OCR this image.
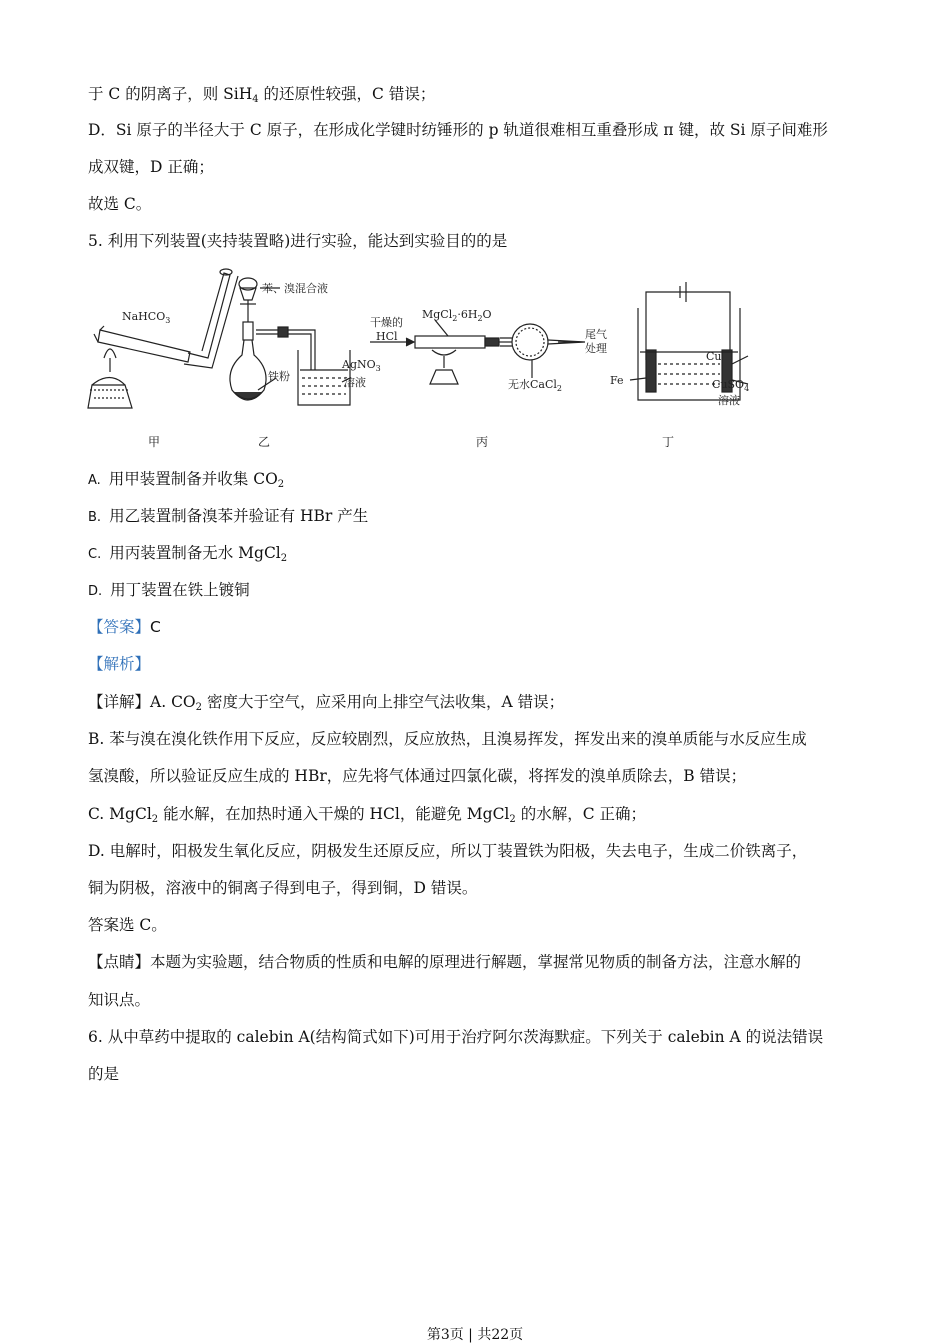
于 C 的阴离子，则 SiH$_4$ 的还原性较强，C 错误；
D．Si 原子的半径大于 C 原子，在形成化学键时纺锤形的 p 轨道很难相互重叠形成 π 键，故 Si 原子间难形
成双键，D 正确；
故选 C。
5. 利用下列装置(夹持装置略)进行实验，能达到实验目的的是
NaHCO$_3$
苯、溴混合液
铁粉
AgNO$_3$
溶液
干燥的
HCl
$MgCl_2\cdot 6H_2O$
无水CaCl$_2$
尾气
处理
Cu
Fe	CuSO$_4$
溶液
甲	乙	丙	丁
A. 用甲装置制备并收集 $CO_2$
B. 用乙装置制备溴苯并验证有 HBr 产生
C. 用丙装置制备无水 MgCl$_2$
D. 用丁装置在铁上镀铜
【答案】C
【解析】
【详解】A. $CO_2$ 密度大于空气，应采用向上排空气法收集，A 错误；
B. 苯与溴在溴化铁作用下反应，反应较剧烈，反应放热，且溴易挥发，挥发出来的溴单质能与水反应生成
氢溴酸，所以验证反应生成的 HBr，应先将气体通过四氯化碳，将挥发的溴单质除去，B 错误；
C. MgCl$_2$ 能水解，在加热时通入干燥的 HCl，能避免 MgCl$_2$ 的水解，C 正确；
D. 电解时，阳极发生氧化反应，阴极发生还原反应，所以丁装置铁为阳极，失去电子，生成二价铁离子，
铜为阴极，溶液中的铜离子得到电子，得到铜，D 错误。
答案选 C。
【点睛】本题为实验题，结合物质的性质和电解的原理进行解题，掌握常见物质的制备方法，注意水解的
知识点。
6. 从中草药中提取的 calebin A(结构简式如下)可用于治疗阿尔茨海默症。下列关于 calebin A 的说法错误
的是
第3页 | 共22页
